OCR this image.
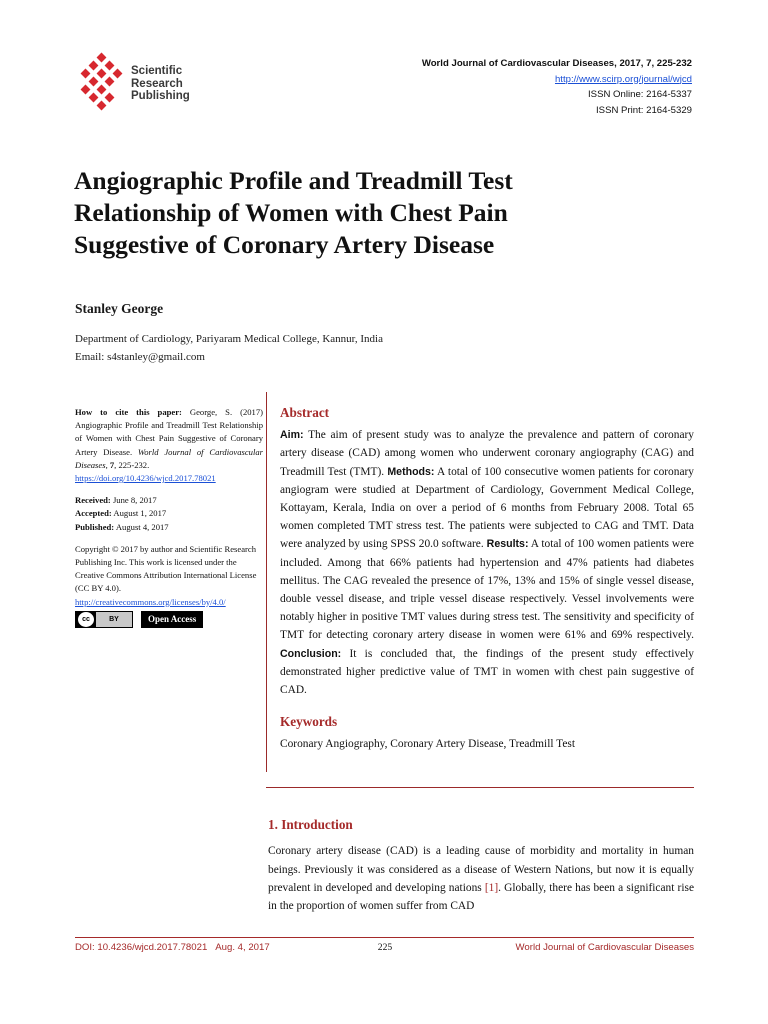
Scientific
Research
Publishing
World Journal of Cardiovascular Diseases, 2017, 7, 225-232
http://www.scirp.org/journal/wjcd
ISSN Online: 2164-5337
ISSN Print: 2164-5329
Angiographic Profile and Treadmill Test
Relationship of Women with Chest Pain
Suggestive of Coronary Artery Disease
Stanley George
Department of Cardiology, Pariyaram Medical College, Kannur, India
Email: s4stanley@gmail.com
How to cite this paper: George, S. (2017) Angiographic Profile and Treadmill Test Relationship of Women with Chest Pain Suggestive of Coronary Artery Disease. World Journal of Cardiovascular Diseases, 7, 225-232.
https://doi.org/10.4236/wjcd.2017.78021
Received: June 8, 2017
Accepted: August 1, 2017
Published: August 4, 2017
Copyright © 2017 by author and Scientific Research Publishing Inc. This work is licensed under the Creative Commons Attribution International License (CC BY 4.0).
http://creativecommons.org/licenses/by/4.0/
cc	BY	Open Access
Abstract
Aim: The aim of present study was to analyze the prevalence and pattern of coronary artery disease (CAD) among women who underwent coronary angiography (CAG) and Treadmill Test (TMT). Methods: A total of 100 consecutive women patients for coronary angiogram were studied at Department of Cardiology, Government Medical College, Kottayam, Kerala, India on over a period of 6 months from February 2008. Total 65 women completed TMT stress test. The patients were subjected to CAG and TMT. Data were analyzed by using SPSS 20.0 software. Results: A total of 100 women patients were included. Among that 66% patients had hypertension and 47% patients had diabetes mellitus. The CAG revealed the presence of 17%, 13% and 15% of single vessel disease, double vessel disease, and triple vessel disease respectively. Vessel involvements were notably higher in positive TMT values during stress test. The sensitivity and specificity of TMT for detecting coronary artery disease in women were 61% and 69% respectively. Conclusion: It is concluded that, the findings of the present study effectively demonstrated higher predictive value of TMT in women with chest pain suggestive of CAD.
Keywords
Coronary Angiography, Coronary Artery Disease, Treadmill Test
1. Introduction
Coronary artery disease (CAD) is a leading cause of morbidity and mortality in human beings. Previously it was considered as a disease of Western Nations, but now it is equally prevalent in developed and developing nations [1]. Globally, there has been a significant rise in the proportion of women suffer from CAD
DOI: 10.4236/wjcd.2017.78021 Aug. 4, 2017	225	World Journal of Cardiovascular Diseases
